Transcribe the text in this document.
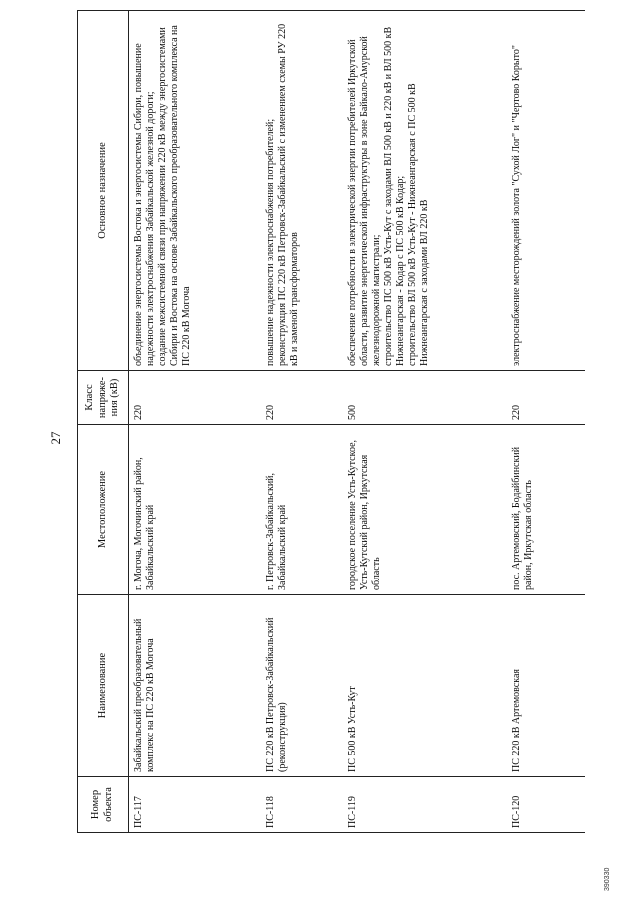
27
Номер объекта	Наименование	Местоположение	Класс напряже-ния (кВ)	Основное назначение
ПС-117	Забайкальский преобразовательный комплекс на ПС 220 кВ Могоча	г. Могоча, Могочинский район, Забайкальский край	220	объединение энергосистемы Востока и энергосистемы Сибири, повышение надежности электроснабжения Забайкальской железной дороги; создание межсистемной связи при напряжении 220 кВ между энергосистемами Сибири и Востока на основе Забайкальского преобразовательного комплекса на ПС 220 кВ Могоча

ПС-118	ПС 220 кВ Петровск-Забайкальский (реконструкция)	г. Петровск-Забайкальский, Забайкальский край	220	повышение надежности электроснабжения потребителей; реконструкция ПС 220 кВ Петровск-Забайкальский с изменением схемы РУ 220 кВ и заменой трансформаторов

ПС-119	ПС 500 кВ Усть-Кут	городское поселение Усть-Кутское, Усть-Кутский район, Иркутская область	500	обеспечение потребности в электрической энергии потребителей Иркутской области, развитие энергетической инфраструктуры в зоне Байкало-Амурской железнодорожной магистрали; строительство ПС 500 кВ Усть-Кут с заходами ВЛ 500 кВ и 220 кВ и ВЛ 500 кВ Нижнеангарская - Кодар с ПС 500 кВ Кодар; строительство ВЛ 500 кВ Усть-Кут - Нижнеангарская с ПС 500 кВ Нижнеангарская с заходами ВЛ 220 кВ

ПС-120	ПС 220 кВ Артемовская	пос. Артемовский, Бодайбинский район, Иркутская область	220	электроснабжение месторождений золота "Сухой Лог" и "Чертово Корыто"
390330
